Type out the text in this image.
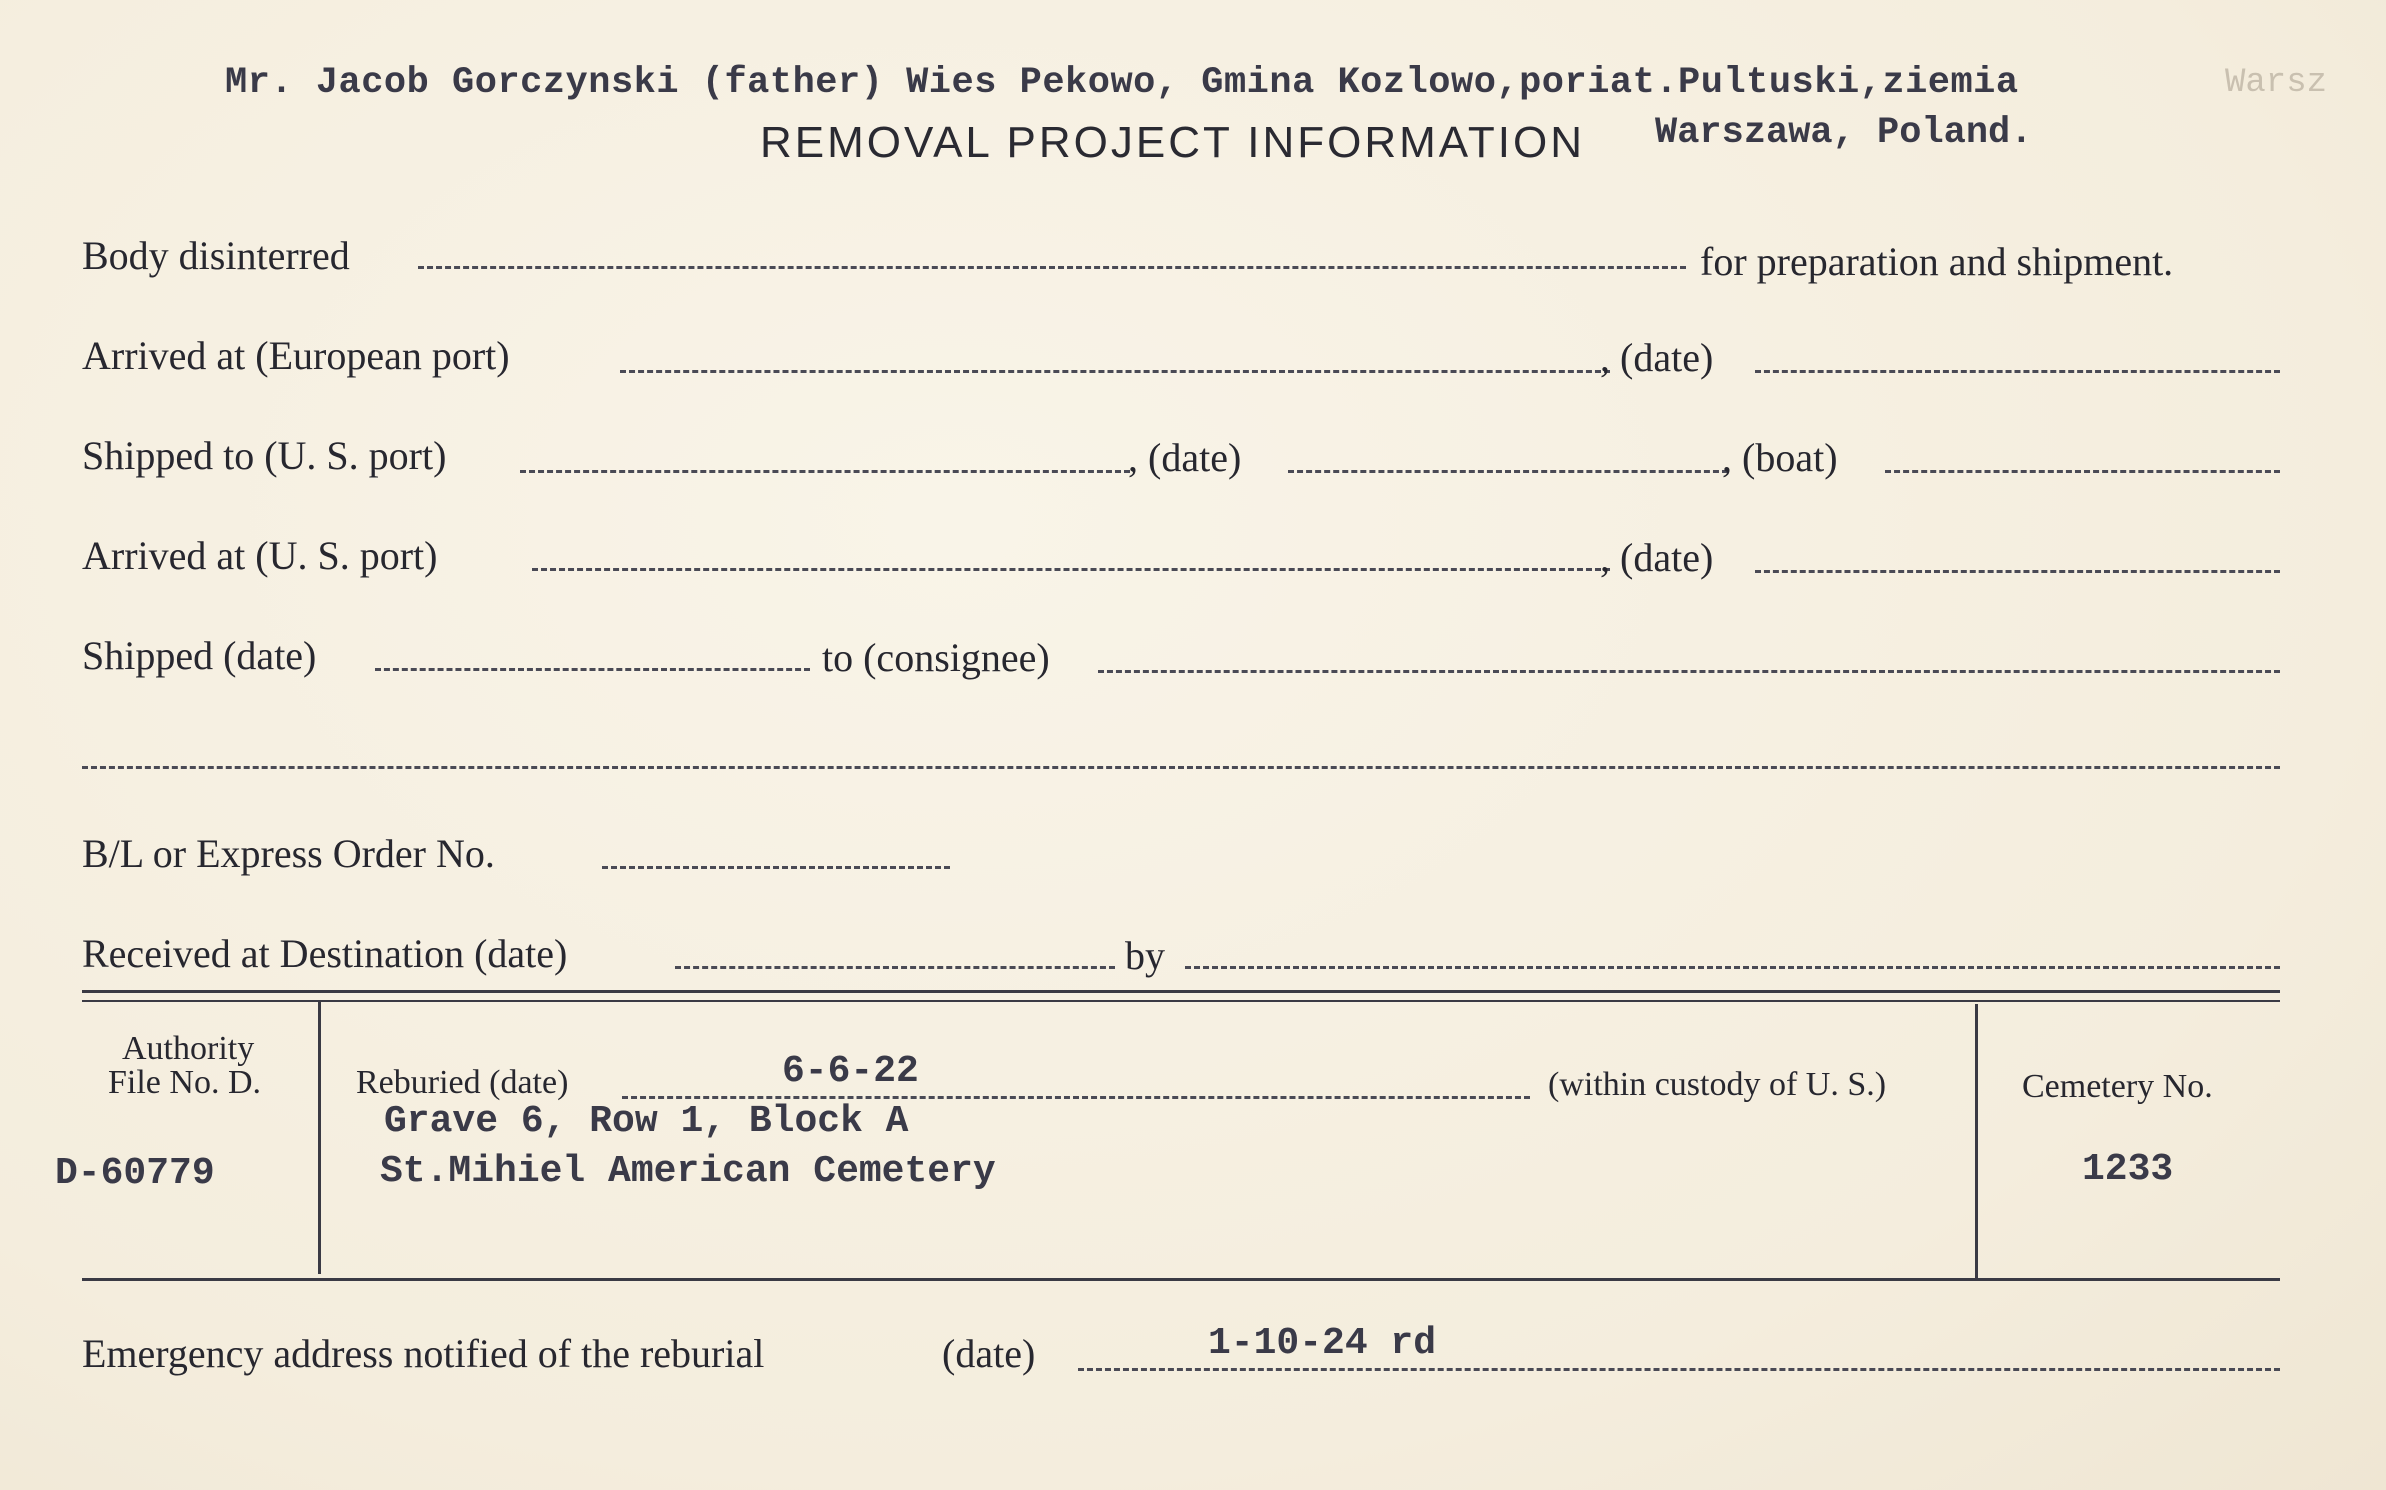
Mr. Jacob Gorczynski (father) Wies Pekowo, Gmina Kozlowo,poriat.Pultuski,ziemia	Warsz
Warszawa, Poland.
REMOVAL PROJECT INFORMATION
Body disinterred	for preparation and shipment.
Arrived at (European port)	, (date)
Shipped to (U. S. port)	, (date)	, (boat)
Arrived at (U. S. port)	, (date)
Shipped (date)	to (consignee)
B/L or Express Order No.
Received at Destination (date)	by
Authority
File No. D.
D-60779
Reburied (date)	6-6-22	(within custody of U. S.)
Grave 6, Row 1, Block A
St.Mihiel American Cemetery
Cemetery No.
1233
Emergency address notified of the reburial	(date)	1-10-24 rd
